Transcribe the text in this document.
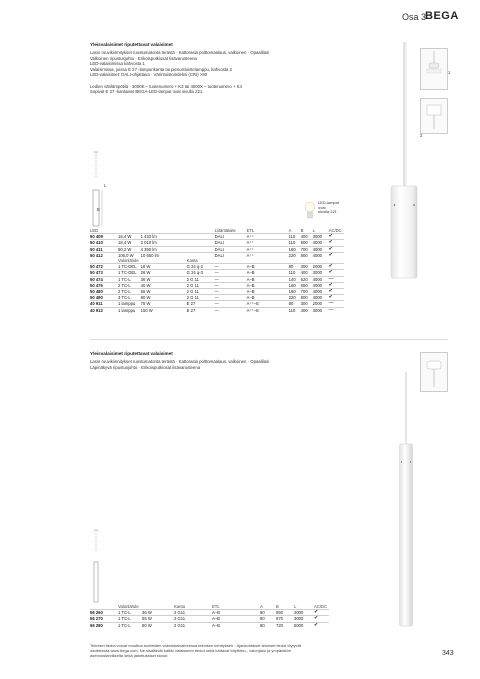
Osa 3
BEGA
Yleisvalaisimet riputettavat valaisimet
Lasin ruuvikiinnitykset ruostumatonta terästä · Kattorasia polttomaalaus, valkoinen · Opaalilasi
Valkoinen ripustusjohto · Erikoisputkiosat lisävarusteena
LED-valaisimissa kahvosta 1
Valaisimissa, joissa E 27 -lampunkanta tai pienoisloistelamppu, kahvosta 2
LED-valaisimet: DALI-ohjattava · Värintoistoindeksi (CRI) >80

Ledien värilämpötila · 3000K – tuotenumero + K3 tai 4000X – tuotenumero + K4
Sopivat E 27 -kantaiset BEGA-LED-lamput ovat sivulla 221.
1
2
L
B
LED-lamput
ovat
sivulla 221
LED				Liitäntälaite	ETL	A	B	L	AC/DC
50 409	18,4 W	1 433 lm		DALI	A⁺⁺	110	400	3000	✔
50 410	18,4 W	2 010 lm		DALI	A⁺⁺	110	600	4000	✔
50 411	50,2 W	4 350 lm		DALI	A⁺⁺	160	700	4000	✔
50 412	106,0 W	10 650 lm		DALI	A⁺⁺	220	800	4000	✔
	Valonlähde		Kanta						
50 472	1 TC-DEL	18 W	G 24 q-2	—	A–B	80	300	2000	✔
50 473	1 TC-DEL	26 W	G 24 q-3	—	A–B	110	400	3000	✔
50 474	1 TC-L	36 W	2 G 11	—	A–B	140	620	4000	—
50 475	2 TC-L	40 W	2 G 11	—	A–B	160	650	4000	✔
50 480	2 TC-L	55 W	2 G 11	—	A–B	160	700	4000	✔
50 490	3 TC-L	80 W	2 G 11	—	A–B	220	800	4000	✔
40 911	1 lamppu	75 W	E 27	—	A⁺⁺–E	80	300	2000	—
40 912	1 lamppu	150 W	E 27	—	A⁺⁺–E	110	400	3000	—
Yleisvalaisimet riputettavat valaisimet
Lasin ruuvikiinnitykset ruostumatonta terästä · Kattorasia polttomaalaus, valkoinen · Opaalilasi
Läpinäkyvä ripustusjohto · Erikoisputkiosat lisävarusteena
	Valonlähde		Kanta	ETL	A	B	L	AC/DC
56 260	1 TC-L	36 W	2 G11	A–B	80	550	2000	✔
56 270	1 TC-L	55 W	2 G11	A–B	80	670	3000	✔
56 280	1 TC-L	80 W	2 G11	A–B	80	720	5000	✔
Tekniset tiedot voivat muuttua tuotteiden valmistusvaiheessa teknisen kehityksen · Ajankohtaiset tekniset tiedot löytyvät
osoitteesta www.bega.com. Ne sisältävät kaikki valaisimen tiedot sekä kattavat käyttöön-, valonjako ja ympäristön
asennustarvikkeita sekä jatketuksiset sivuut.	343
